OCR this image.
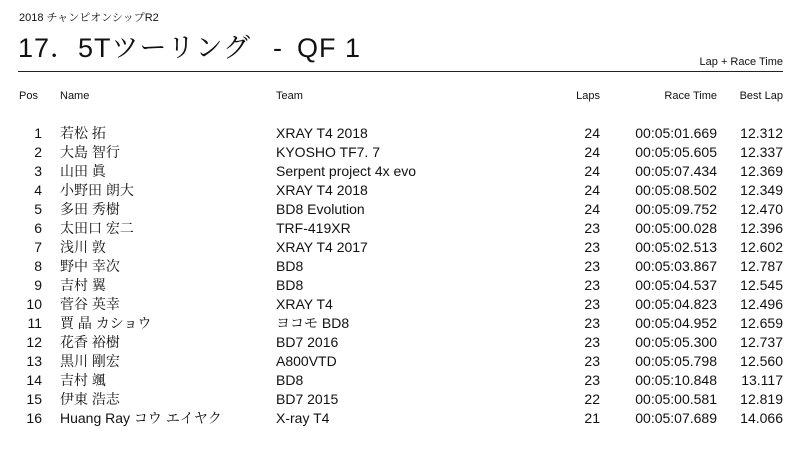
2018 チャンピオンシップR2
17．5Tツーリング - QF 1	Lap + Race Time
Pos	Name	Team	Laps	Race Time	Best Lap	

1	若松 拓	XRAY T4 2018	24	00:05:01.669	12.312	
2	大島 智行	KYOSHO TF7. 7	24	00:05:05.605	12.337	
3	山田 眞	Serpent project 4x evo	24	00:05:07.434	12.369	
4	小野田 朗大	XRAY T4 2018	24	00:05:08.502	12.349	
5	多田 秀樹	BD8 Evolution	24	00:05:09.752	12.470	
6	太田口 宏二	TRF-419XR	23	00:05:00.028	12.396	
7	浅川 敦	XRAY T4 2017	23	00:05:02.513	12.602	
8	野中 幸次	BD8	23	00:05:03.867	12.787	
9	吉村 翼	BD8	23	00:05:04.537	12.545	
10	菅谷 英幸	XRAY T4	23	00:05:04.823	12.496	
11	賈 晶 カショウ	ヨコモ BD8	23	00:05:04.952	12.659	
12	花香 裕樹	BD7 2016	23	00:05:05.300	12.737	
13	黒川 剛宏	A800VTD	23	00:05:05.798	12.560	
14	吉村 颯	BD8	23	00:05:10.848	13.117	
15	伊東 浩志	BD7 2015	22	00:05:00.581	12.819	
16	Huang Ray コウ エイヤク	X-ray T4	21	00:05:07.689	14.066	
